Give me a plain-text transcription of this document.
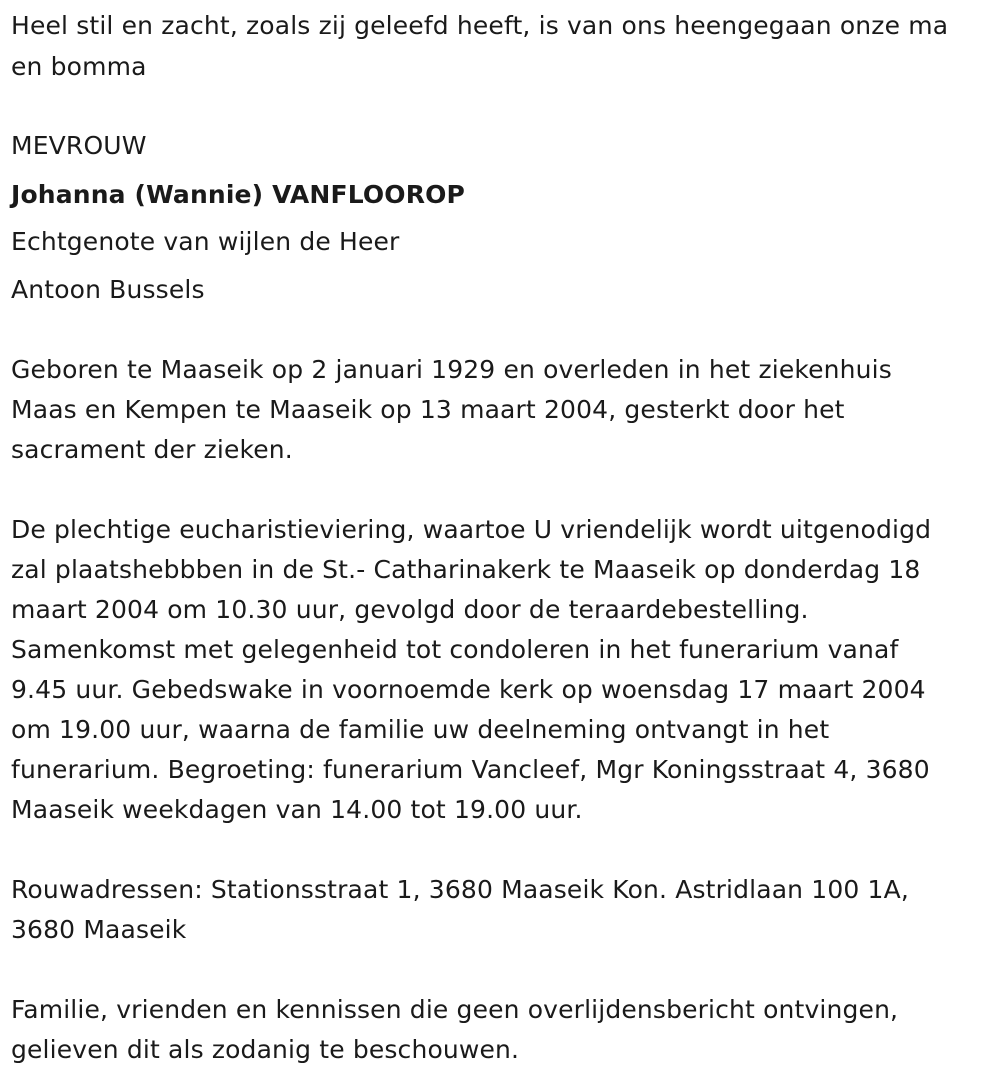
Heel stil en zacht, zoals zij geleefd heeft, is van ons heengegaan onze ma
en bomma
MEVROUW
Johanna (Wannie) VANFLOOROP
Echtgenote van wijlen de Heer
Antoon Bussels
Geboren te Maaseik op 2 januari 1929 en overleden in het ziekenhuis
Maas en Kempen te Maaseik op 13 maart 2004, gesterkt door het
sacrament der zieken.
De plechtige eucharistieviering, waartoe U vriendelijk wordt uitgenodigd
zal plaatshebbben in de St.- Catharinakerk te Maaseik op donderdag 18
maart 2004 om 10.30 uur, gevolgd door de teraardebestelling.
Samenkomst met gelegenheid tot condoleren in het funerarium vanaf
9.45 uur. Gebedswake in voornoemde kerk op woensdag 17 maart 2004
om 19.00 uur, waarna de familie uw deelneming ontvangt in het
funerarium. Begroeting: funerarium Vancleef, Mgr Koningsstraat 4, 3680
Maaseik weekdagen van 14.00 tot 19.00 uur.
Rouwadressen: Stationsstraat 1, 3680 Maaseik Kon. Astridlaan 100 1A,
3680 Maaseik
Familie, vrienden en kennissen die geen overlijdensbericht ontvingen,
gelieven dit als zodanig te beschouwen.
